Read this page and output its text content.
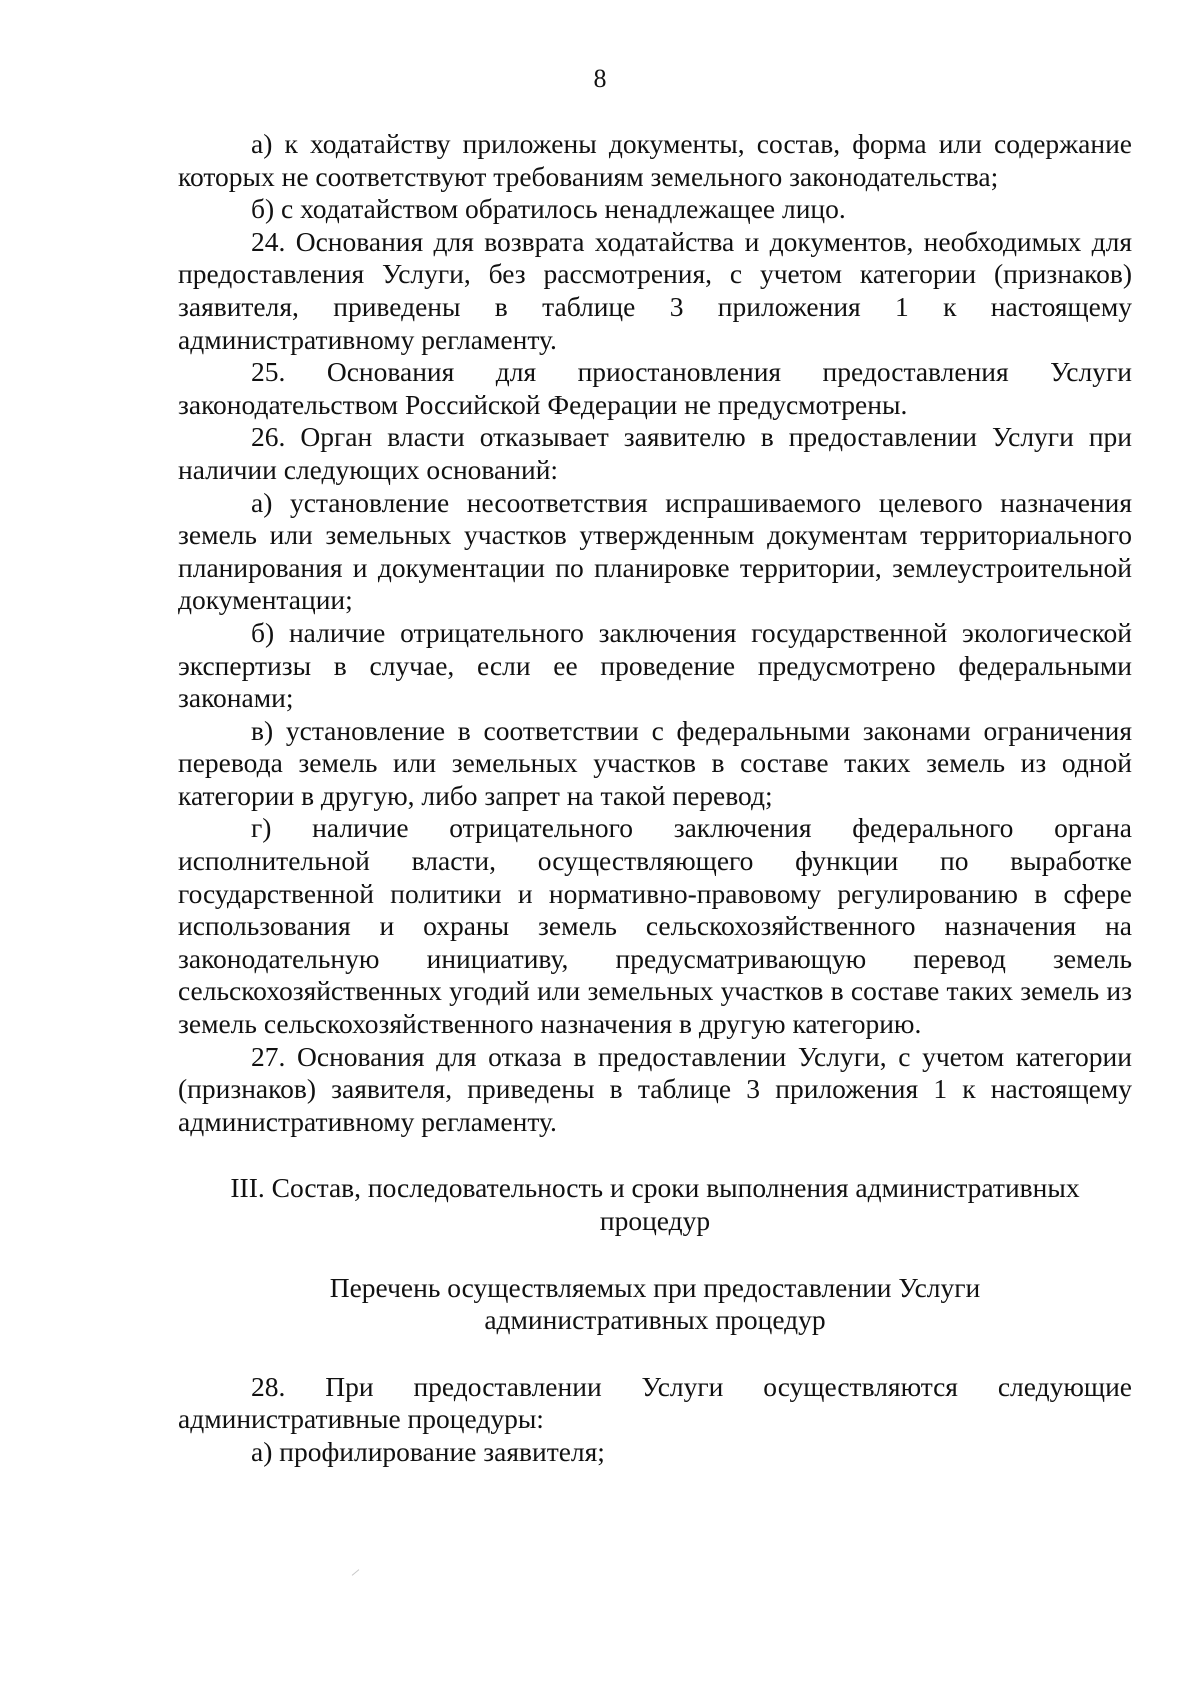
8

а) к ходатайству приложены документы, состав, форма или содержание которых не соответствуют требованиям земельного законодательства;

б) с ходатайством обратилось ненадлежащее лицо.

24. Основания для возврата ходатайства и документов, необходимых для предоставления Услуги, без рассмотрения, с учетом категории (признаков) заявителя, приведены в таблице 3 приложения 1 к настоящему административному регламенту.

25. Основания для приостановления предоставления Услуги законодательством Российской Федерации не предусмотрены.

26. Орган власти отказывает заявителю в предоставлении Услуги при наличии следующих оснований:

а) установление несоответствия испрашиваемого целевого назначения земель или земельных участков утвержденным документам территориального планирования и документации по планировке территории, землеустроительной документации;

б) наличие отрицательного заключения государственной экологической экспертизы в случае, если ее проведение предусмотрено федеральными законами;

в) установление в соответствии с федеральными законами ограничения перевода земель или земельных участков в составе таких земель из одной категории в другую, либо запрет на такой перевод;

г) наличие отрицательного заключения федерального органа исполнительной власти, осуществляющего функции по выработке государственной политики и нормативно-правовому регулированию в сфере использования и охраны земель сельскохозяйственного назначения на законодательную инициативу, предусматривающую перевод земель сельскохозяйственных угодий или земельных участков в составе таких земель из земель сельскохозяйственного назначения в другую категорию.

27. Основания для отказа в предоставлении Услуги, с учетом категории (признаков) заявителя, приведены в таблице 3 приложения 1 к настоящему административному регламенту.

III. Состав, последовательность и сроки выполнения административных процедур

Перечень осуществляемых при предоставлении Услуги административных процедур

28. При предоставлении Услуги осуществляются следующие административные процедуры:

а) профилирование заявителя;
